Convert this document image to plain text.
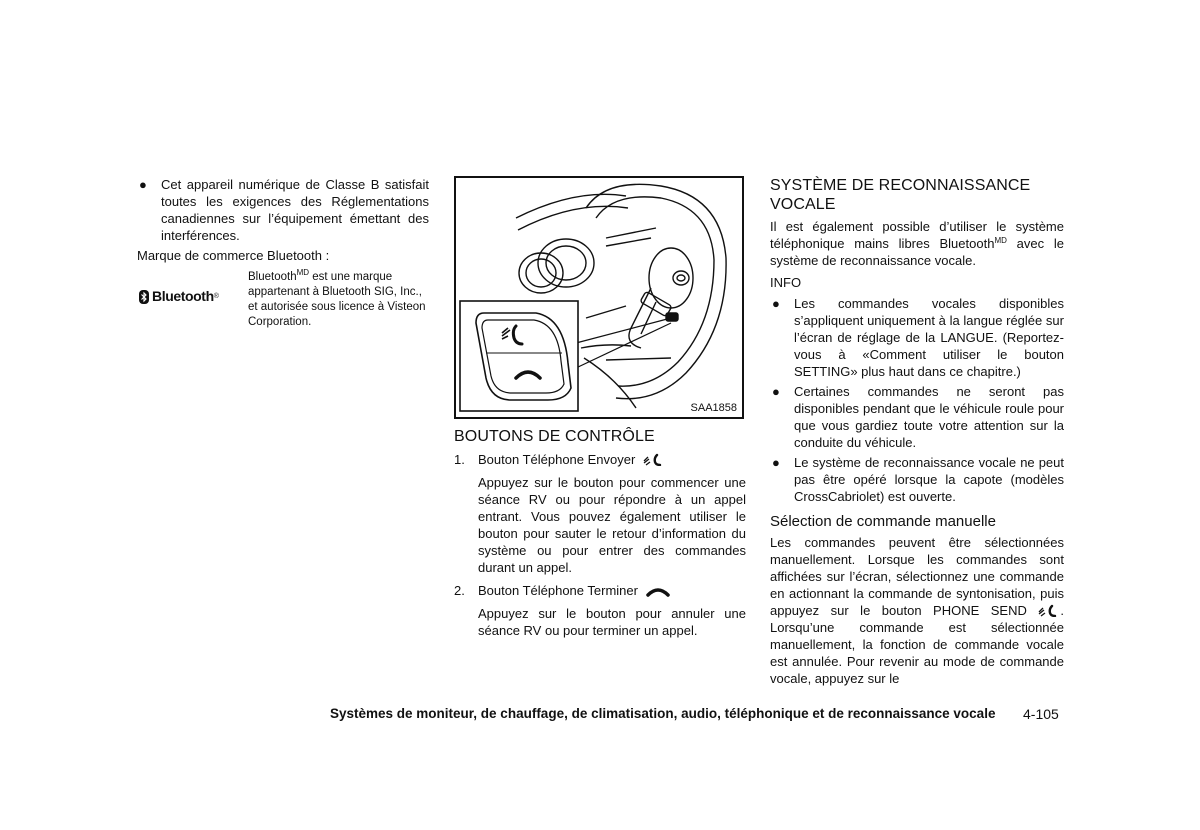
● Cet appareil numérique de Classe B satisfait toutes les exigences des Réglementations canadiennes sur l’équipement émettant des interférences.

Marque de commerce Bluetooth :

Bluetooth ®
Bluetooth$^{MD}$ est une marque appartenant à Bluetooth SIG, Inc., et autorisée sous licence à Visteon Corporation.
SAA1858
BOUTONS DE CONTRÔLE
1. Bouton Téléphone Envoyer

Appuyez sur le bouton pour commencer une séance RV ou pour répondre à un appel entrant. Vous pouvez également utiliser le bouton pour sauter le retour d’information du système ou pour entrer des commandes durant un appel.

2. Bouton Téléphone Terminer

Appuyez sur le bouton pour annuler une séance RV ou pour terminer un appel.

SYSTÈME DE RECONNAISSANCE VOCALE

Il est également possible d’utiliser le système téléphonique mains libres Bluetooth$^{MD}$ avec le système de reconnaissance vocale.

INFO

● Les commandes vocales disponibles s’appliquent uniquement à la langue réglée sur l’écran de réglage de la LANGUE. (Reportez-vous à «Comment utiliser le bouton SETTING» plus haut dans ce chapitre.)
● Certaines commandes ne seront pas disponibles pendant que le véhicule roule pour que vous gardiez toute votre attention sur la conduite du véhicule.
● Le système de reconnaissance vocale ne peut pas être opéré lorsque la capote (modèles CrossCabriolet) est ouverte.
Sélection de commande manuelle

Les commandes peuvent être sélectionnées manuellement. Lorsque les commandes sont affichées sur l’écran, sélectionnez une commande en actionnant la commande de syntonisation, puis appuyez sur le bouton PHONE SEND	. Lorsqu’une commande est sélectionnée manuellement, la fonction de commande vocale est annulée. Pour revenir au mode de commande vocale, appuyez sur le

Systèmes de moniteur, de chauffage, de climatisation, audio, téléphonique et de reconnaissance vocale 4-105
